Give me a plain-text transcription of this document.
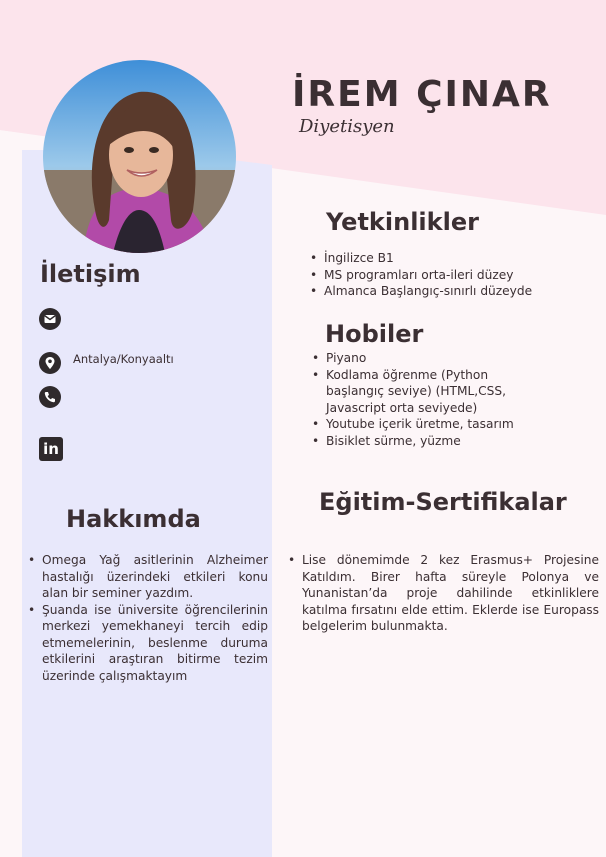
İREM ÇINAR
Diyetisyen
İletişim
Antalya/Konyaaltı
in
Hakkımda
• Omega Yağ asitlerinin Alzheimer hastalığı üzerindeki etkileri konu alan bir seminer yazdım.
• Şuanda ise üniversite öğrencilerinin merkezi yemekhaneyi tercih edip etmemelerinin, beslenme duruma etkilerini araştıran bitirme tezim üzerinde çalışmaktayım
Yetkinlikler
• İngilizce B1
• MS programları orta-ileri düzey
• Almanca Başlangıç-sınırlı düzeyde
Hobiler
• Piyano
• Kodlama öğrenme (Python başlangıç seviye) (HTML,CSS, Javascript orta seviyede)
• Youtube içerik üretme, tasarım
• Bisiklet sürme, yüzme
Eğitim-Sertifikalar
• Lise dönemimde 2 kez Erasmus+ Projesine Katıldım. Birer hafta süreyle Polonya ve Yunanistan’da proje dahilinde etkinliklere katılma fırsatını elde ettim. Eklerde ise Europass belgelerim bulunmakta.
